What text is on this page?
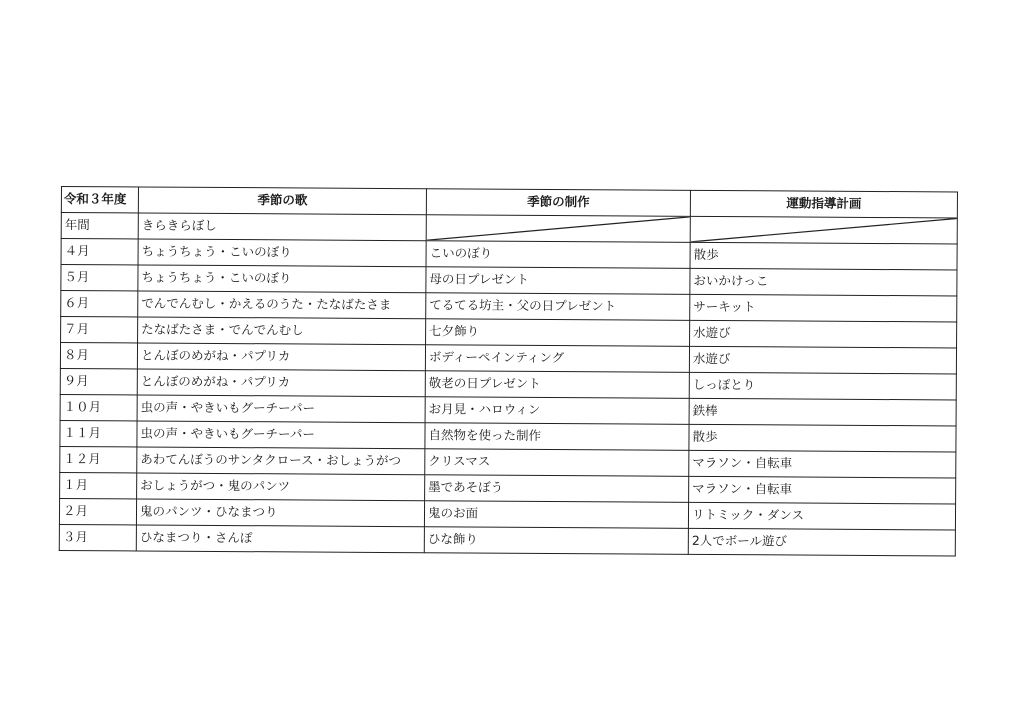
令和３年度	季節の歌	季節の制作	運動指導計画
年間	きらきらぼし	

４月	ちょうちょう・こいのぼり	こいのぼり	散歩
５月	ちょうちょう・こいのぼり	母の日プレゼント	おいかけっこ
６月	でんでんむし・かえるのうた・たなばたさま	てるてる坊主・父の日プレゼント	サーキット
７月	たなばたさま・でんでんむし	七夕飾り	水遊び
８月	とんぼのめがね・パプリカ	ボディーペインティング	水遊び
９月	とんぼのめがね・パプリカ	敬老の日プレゼント	しっぽとり
１０月	虫の声・やきいもグーチーパー	お月見・ハロウィン	鉄棒
１１月	虫の声・やきいもグーチーパー	自然物を使った制作	散歩
１２月	あわてんぼうのサンタクロース・おしょうがつ	クリスマス	マラソン・自転車
１月	おしょうがつ・鬼のパンツ	墨であそぼう	マラソン・自転車
２月	鬼のパンツ・ひなまつり	鬼のお面	リトミック・ダンス
３月	ひなまつり・さんぽ	ひな飾り	2人でボール遊び
